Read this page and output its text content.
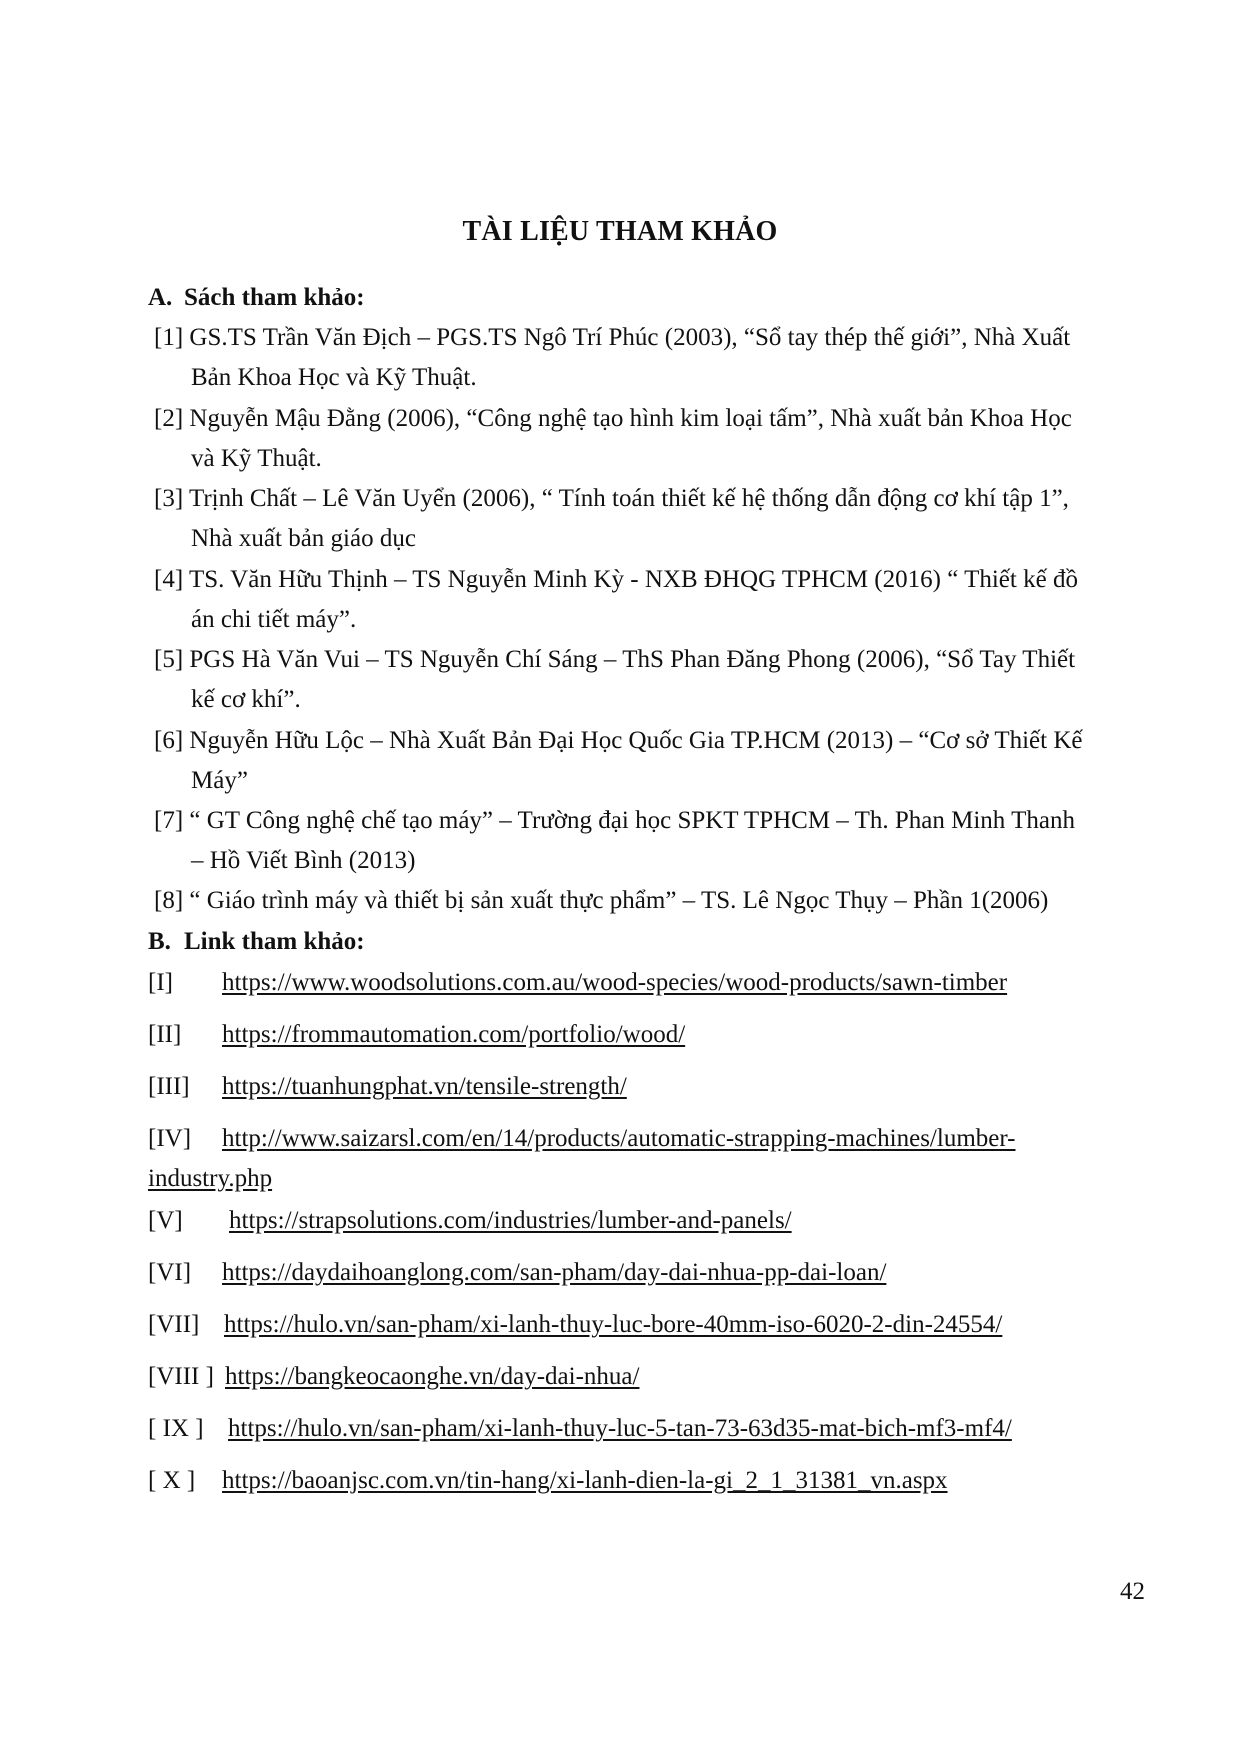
TÀI LIỆU THAM KHẢO
A. Sách tham khảo:
[1] GS.TS Trần Văn Địch – PGS.TS Ngô Trí Phúc (2003), “Sổ tay thép thế giới”, Nhà Xuất
Bản Khoa Học và Kỹ Thuật.
[2] Nguyễn Mậu Đằng (2006), “Công nghệ tạo hình kim loại tấm”, Nhà xuất bản Khoa Học
và Kỹ Thuật.
[3] Trịnh Chất – Lê Văn Uyển (2006), “ Tính toán thiết kế hệ thống dẫn động cơ khí tập 1”,
Nhà xuất bản giáo dục
[4] TS. Văn Hữu Thịnh – TS Nguyễn Minh Kỳ - NXB ĐHQG TPHCM (2016) “ Thiết kế đồ
án chi tiết máy”.
[5] PGS Hà Văn Vui – TS Nguyễn Chí Sáng – ThS Phan Đăng Phong (2006), “Sổ Tay Thiết
kế cơ khí”.
[6] Nguyễn Hữu Lộc – Nhà Xuất Bản Đại Học Quốc Gia TP.HCM (2013) – “Cơ sở Thiết Kế
Máy”
[7] “ GT Công nghệ chế tạo máy” – Trường đại học SPKT TPHCM – Th. Phan Minh Thanh
– Hồ Viết Bình (2013)
[8] “ Giáo trình máy và thiết bị sản xuất thực phẩm” – TS. Lê Ngọc Thụy – Phần 1(2006)
B. Link tham khảo:
[I] https://www.woodsolutions.com.au/wood-species/wood-products/sawn-timber
[II] https://frommautomation.com/portfolio/wood/
[III] https://tuanhungphat.vn/tensile-strength/
[IV] http://www.saizarsl.com/en/14/products/automatic-strapping-machines/lumber-
industry.php
[V] https://strapsolutions.com/industries/lumber-and-panels/
[VI] https://daydaihoanglong.com/san-pham/day-dai-nhua-pp-dai-loan/
[VII] https://hulo.vn/san-pham/xi-lanh-thuy-luc-bore-40mm-iso-6020-2-din-24554/
[VIII ] https://bangkeocaonghe.vn/day-dai-nhua/
[ IX ] https://hulo.vn/san-pham/xi-lanh-thuy-luc-5-tan-73-63d35-mat-bich-mf3-mf4/
[ X ] https://baoanjsc.com.vn/tin-hang/xi-lanh-dien-la-gi_2_1_31381_vn.aspx
42
